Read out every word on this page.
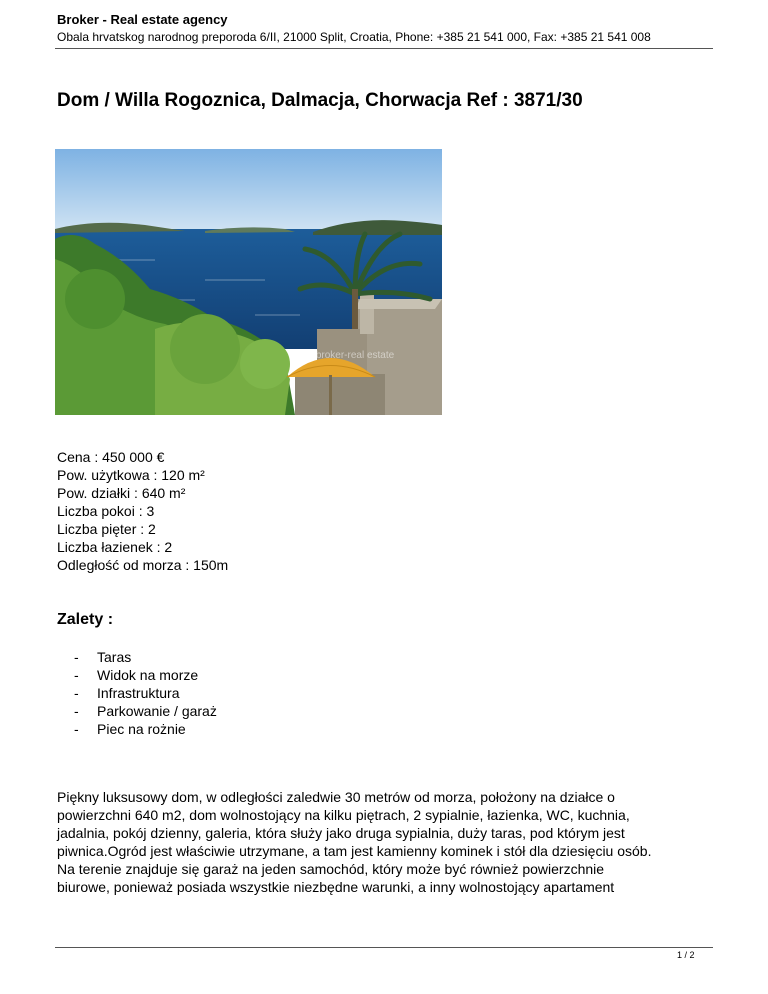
Broker - Real estate agency
Obala hrvatskog narodnog preporoda 6/II, 21000 Split, Croatia, Phone: +385 21 541 000, Fax: +385 21 541 008
Dom / Willa Rogoznica, Dalmacja, Chorwacja Ref : 3871/30
broker-real estate
Cena : 450 000 €
Pow. użytkowa : 120 m²
Pow. działki : 640 m²
Liczba pokoi : 3
Liczba pięter : 2
Liczba łazienek : 2
Odległość od morza : 150m
Zalety :
- Taras
- Widok na morze
- Infrastruktura
- Parkowanie / garaż
- Piec na rożnie
Piękny luksusowy dom, w odległości zaledwie 30 metrów od morza, położony na działce o
powierzchni 640 m2, dom wolnostojący na kilku piętrach, 2 sypialnie, łazienka, WC, kuchnia,
jadalnia, pokój dzienny, galeria, która służy jako druga sypialnia, duży taras, pod którym jest
piwnica.Ogród jest właściwie utrzymane, a tam jest kamienny kominek i stół dla dziesięciu osób.
Na terenie znajduje się garaż na jeden samochód, który może być również powierzchnie
biurowe, ponieważ posiada wszystkie niezbędne warunki, a inny wolnostojący apartament
1 / 2
